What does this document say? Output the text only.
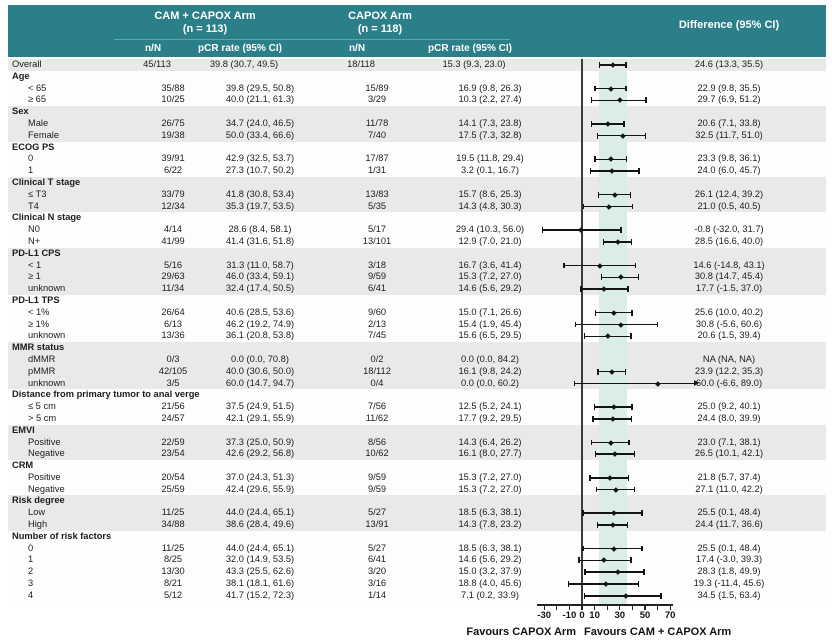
CAM + CAPOX Arm
(n = 113)
CAPOX Arm
(n = 118)	Difference (95% CI)
n/N	pCR rate (95% CI)	n/N	pCR rate (95% CI)
Overall	45/113	39.8 (30.7, 49.5)	18/118	15.3 (9.3, 23.0)	24.6 (13.3, 35.5)
Age
< 65	35/88	39.8 (29.5, 50.8)	15/89	16.9 (9.8, 26.3)	22.9 (9.8, 35.5)
≥ 65	10/25	40.0 (21.1, 61.3)	3/29	10.3 (2.2, 27.4)	29.7 (6.9, 51.2)
Sex
Male	26/75	34.7 (24.0, 46.5)	11/78	14.1 (7.3, 23.8)	20.6 (7.1, 33.8)
Female	19/38	50.0 (33.4, 66.6)	7/40	17.5 (7.3, 32.8)	32.5 (11.7, 51.0)
ECOG PS
0	39/91	42.9 (32.5, 53.7)	17/87	19.5 (11.8, 29.4)	23.3 (9.8, 36.1)
1	6/22	27.3 (10.7, 50.2)	1/31	3.2 (0.1, 16.7)	24.0 (6.0, 45.7)
Clinical T stage
≤ T3	33/79	41.8 (30.8, 53.4)	13/83	15.7 (8.6, 25.3)	26.1 (12.4, 39.2)
T4	12/34	35.3 (19.7, 53.5)	5/35	14.3 (4.8, 30.3)	21.0 (0.5, 40.5)
Clinical N stage
N0	4/14	28.6 (8.4, 58.1)	5/17	29.4 (10.3, 56.0)	-0.8 (-32.0, 31.7)
N+	41/99	41.4 (31.6, 51.8)	13/101	12.9 (7.0, 21.0)	28.5 (16.6, 40.0)
PD-L1 CPS
< 1	5/16	31.3 (11.0, 58.7)	3/18	16.7 (3.6, 41.4)	14.6 (-14.8, 43.1)
≥ 1	29/63	46.0 (33.4, 59.1)	9/59	15.3 (7.2, 27.0)	30.8 (14.7, 45.4)
unknown	11/34	32.4 (17.4, 50.5)	6/41	14.6 (5.6, 29.2)	17.7 (-1.5, 37.0)
PD-L1 TPS
< 1%	26/64	40.6 (28.5, 53.6)	9/60	15.0 (7.1, 26.6)	25.6 (10.0, 40.2)
≥ 1%	6/13	46.2 (19.2, 74.9)	2/13	15.4 (1.9, 45.4)	30.8 (-5.6, 60.6)
unknown	13/36	36.1 (20.8, 53.8)	7/45	15.6 (6.5, 29.5)	20.6 (1.5, 39.4)
MMR status
dMMR	0/3	0.0 (0.0, 70.8)	0/2	0.0 (0.0, 84.2)	NA (NA, NA)
pMMR	42/105	40.0 (30.6, 50.0)	18/112	16.1 (9.8, 24.2)	23.9 (12.2, 35.3)
unknown	3/5	60.0 (14.7, 94.7)	0/4	0.0 (0.0, 60.2)	60.0 (-6.6, 89.0)
Distance from primary tumor to anal verge
≤ 5 cm	21/56	37.5 (24.9, 51.5)	7/56	12.5 (5.2, 24.1)	25.0 (9.2, 40.1)
> 5 cm	24/57	42.1 (29.1, 55.9)	11/62	17.7 (9.2, 29.5)	24.4 (8.0, 39.9)
EMVI
Positive	22/59	37.3 (25.0, 50.9)	8/56	14.3 (6.4, 26.2)	23.0 (7.1, 38.1)
Negative	23/54	42.6 (29.2, 56.8)	10/62	16.1 (8.0, 27.7)	26.5 (10.1, 42.1)
CRM
Positive	20/54	37.0 (24.3, 51.3)	9/59	15.3 (7.2, 27.0)	21.8 (5.7, 37.4)
Negative	25/59	42.4 (29.6, 55.9)	9/59	15.3 (7.2, 27.0)	27.1 (11.0, 42.2)
Risk degree
Low	11/25	44.0 (24.4, 65.1)	5/27	18.5 (6.3, 38.1)	25.5 (0.1, 48.4)
High	34/88	38.6 (28.4, 49.6)	13/91	14.3 (7.8, 23.2)	24.4 (11.7, 36.6)
Number of risk factors
0	11/25	44.0 (24.4, 65.1)	5/27	18.5 (6.3, 38.1)	25.5 (0.1, 48.4)
1	8/25	32.0 (14.9, 53.5)	6/41	14.6 (5.6, 29.2)	17.4 (-3.0, 39.3)
2	13/30	43.3 (25.5, 62.6)	3/20	15.0 (3.2, 37.9)	28.3 (1.8, 49.9)
3	8/21	38.1 (18.1, 61.6)	3/16	18.8 (4.0, 45.6)	19.3 (-11.4, 45.6)
4	5/12	41.7 (15.2, 72.3)	1/14	7.1 (0.2, 33.9)	34.5 (1.5, 63.4)
Favours CAPOX Arm Favours CAM + CAPOX Arm
-30	-10 0 10	30	50	70
